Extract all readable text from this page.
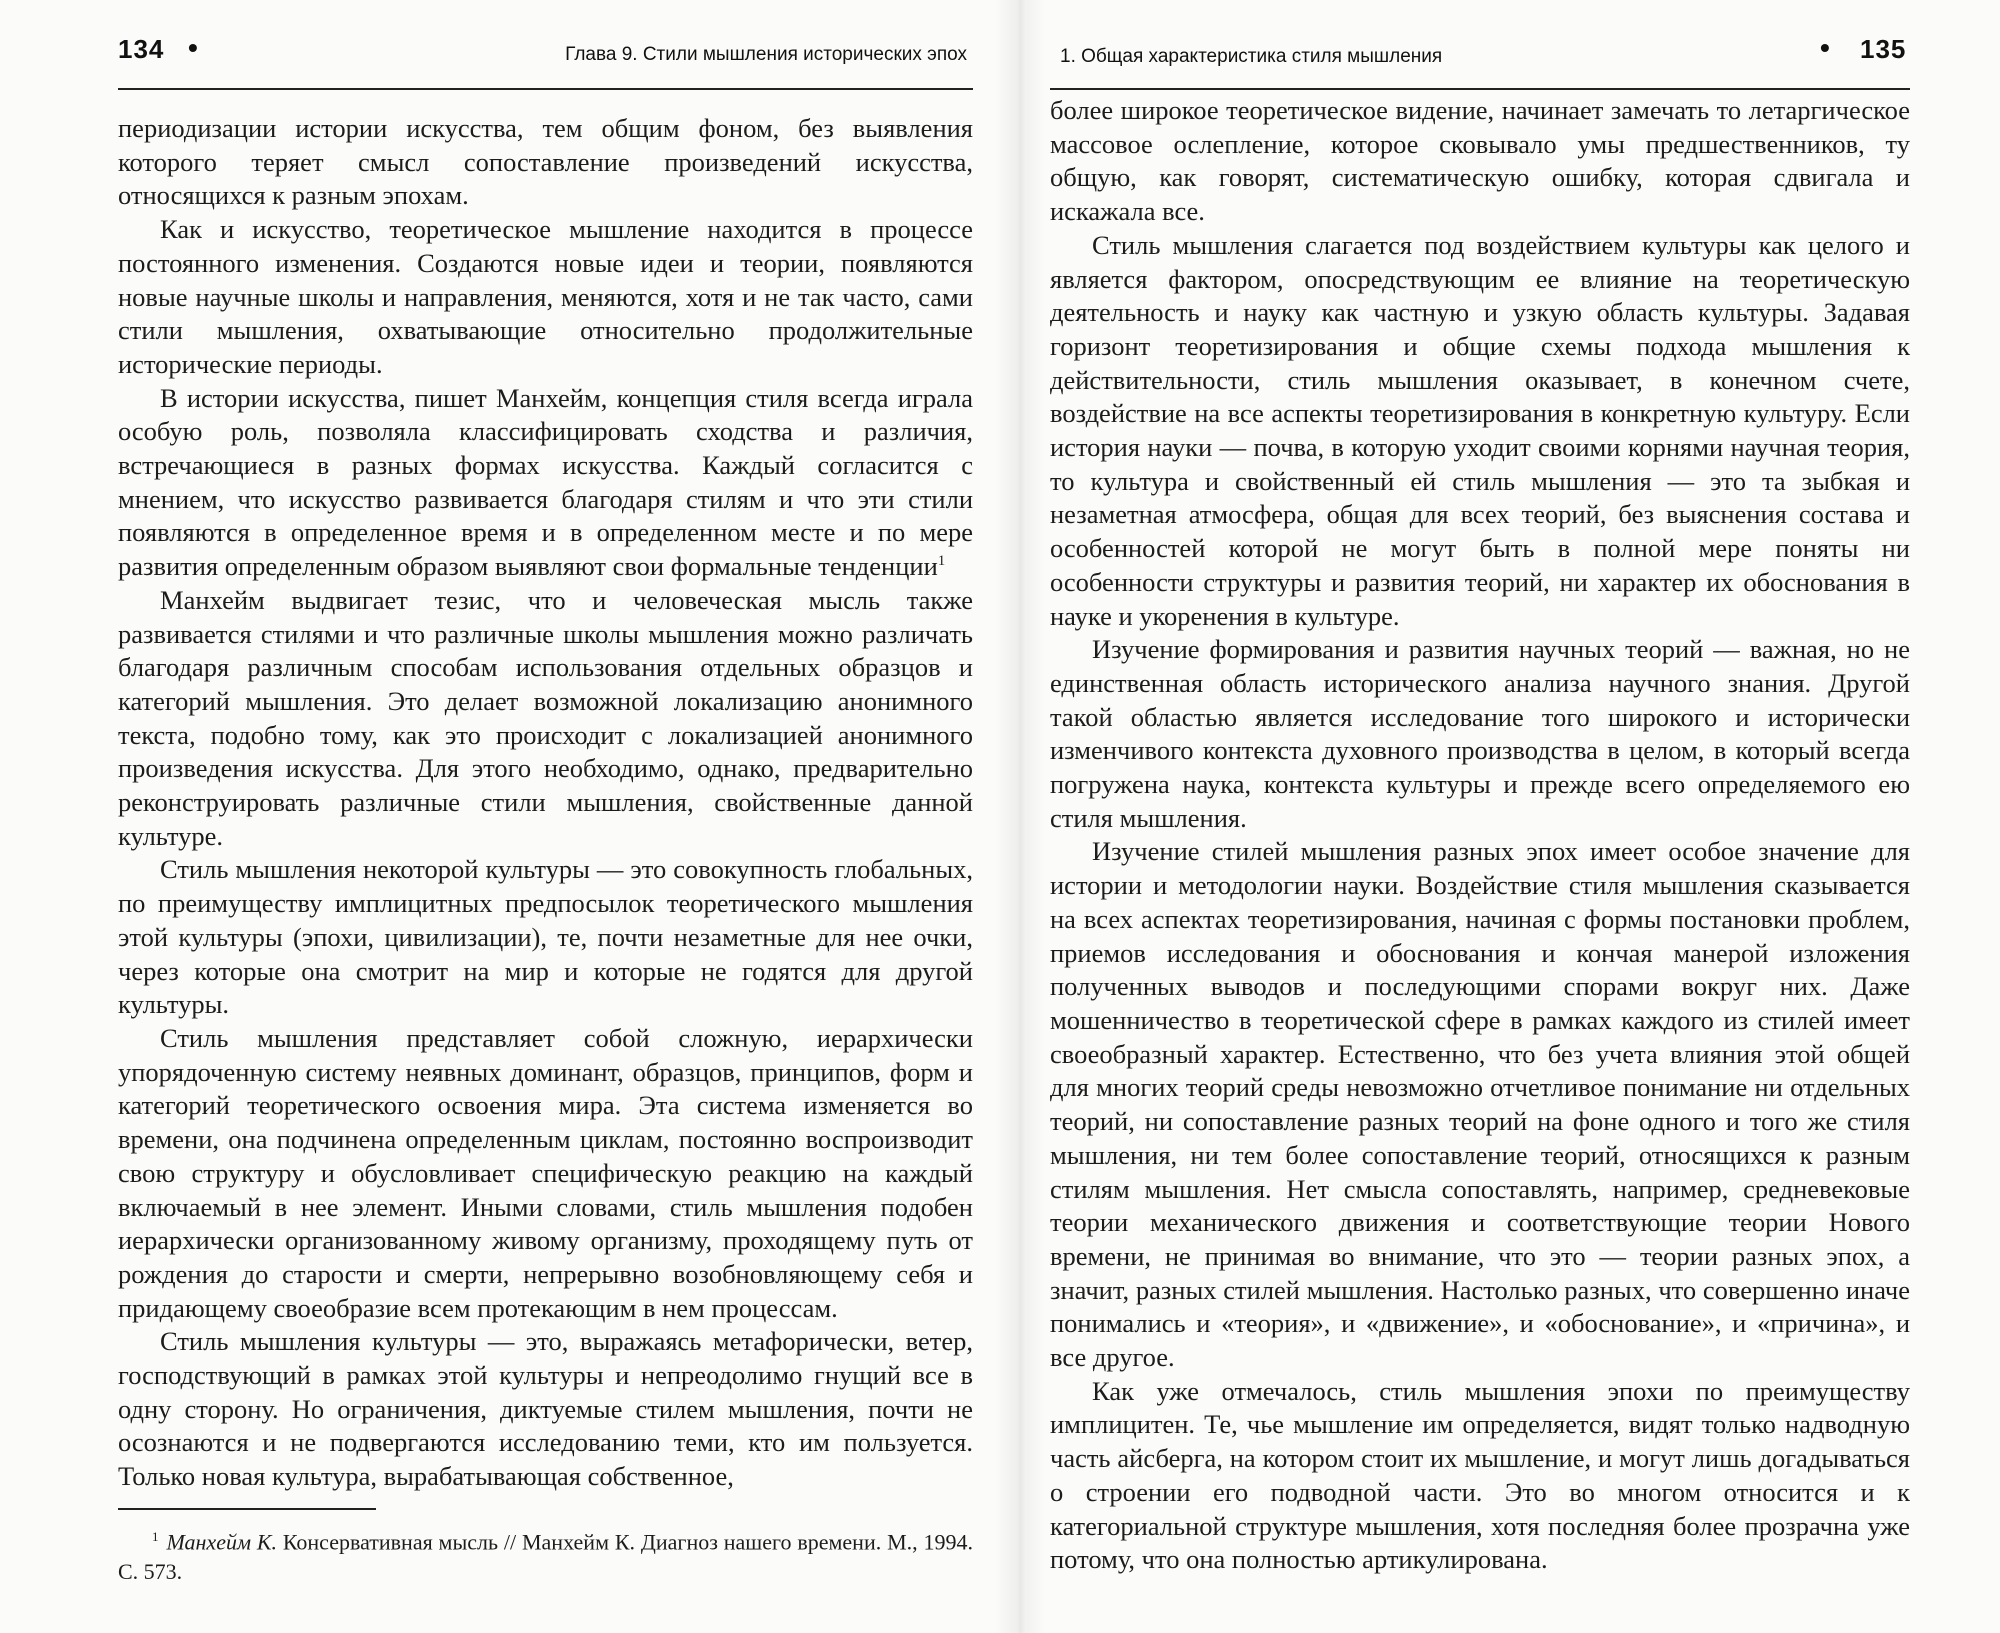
134 •	Глава 9. Стили мышления исторических эпох

периодизации истории искусства, тем общим фоном, без выявления которого теряет смысл сопоставление произведений искусства, относящихся к разным эпохам.

Как и искусство, теоретическое мышление находится в процессе постоянного изменения. Создаются новые идеи и теории, появляются новые научные школы и направления, меняются, хотя и не так часто, сами стили мышления, охватывающие относительно продолжительные исторические периоды.

В истории искусства, пишет Манхейм, концепция стиля всегда играла особую роль, позволяла классифицировать сходства и различия, встречающиеся в разных формах искусства. Каждый согласится с мнением, что искусство развивается благодаря стилям и что эти стили появляются в определенное время и в определенном месте и по мере развития определенным образом выявляют свои формальные тенденции$^1$

Манхейм выдвигает тезис, что и человеческая мысль также развивается стилями и что различные школы мышления можно различать благодаря различным способам использования отдельных образцов и категорий мышления. Это делает возможной локализацию анонимного текста, подобно тому, как это происходит с локализацией анонимного произведения искусства. Для этого необходимо, однако, предварительно реконструировать различные стили мышления, свойственные данной культуре.

Стиль мышления некоторой культуры — это совокупность глобальных, по преимуществу имплицитных предпосылок теоретического мышления этой культуры (эпохи, цивилизации), те, почти незаметные для нее очки, через которые она смотрит на мир и которые не годятся для другой культуры.

Стиль мышления представляет собой сложную, иерархически упорядоченную систему неявных доминант, образцов, принципов, форм и категорий теоретического освоения мира. Эта система изменяется во времени, она подчинена определенным циклам, постоянно воспроизводит свою структуру и обусловливает специфическую реакцию на каждый включаемый в нее элемент. Иными словами, стиль мышления подобен иерархически организованному живому организму, проходящему путь от рождения до старости и смерти, непрерывно возобновляющему себя и придающему своеобразие всем протекающим в нем процессам.

Стиль мышления культуры — это, выражаясь метафорически, ветер, господствующий в рамках этой культуры и непреодолимо гнущий все в одну сторону. Но ограничения, диктуемые стилем мышления, почти не осознаются и не подвергаются исследованию теми, кто им пользуется. Только новая культура, вырабатывающая собственное,

$^1$ Манхейм К. Консервативная мысль // Манхейм К. Диагноз нашего времени. М., 1994. С. 573.
1. Общая характеристика стиля мышления	• 135

более широкое теоретическое видение, начинает замечать то летаргическое массовое ослепление, которое сковывало умы предшественников, ту общую, как говорят, систематическую ошибку, которая сдвигала и искажала все.

Стиль мышления слагается под воздействием культуры как целого и является фактором, опосредствующим ее влияние на теоретическую деятельность и науку как частную и узкую область культуры. Задавая горизонт теоретизирования и общие схемы подхода мышления к действительности, стиль мышления оказывает, в конечном счете, воздействие на все аспекты теоретизирования в конкретную культуру. Если история науки — почва, в которую уходит своими корнями научная теория, то культура и свойственный ей стиль мышления — это та зыбкая и незаметная атмосфера, общая для всех теорий, без выяснения состава и особенностей которой не могут быть в полной мере поняты ни особенности структуры и развития теорий, ни характер их обоснования в науке и укоренения в культуре.

Изучение формирования и развития научных теорий — важная, но не единственная область исторического анализа научного знания. Другой такой областью является исследование того широкого и исторически изменчивого контекста духовного производства в целом, в который всегда погружена наука, контекста культуры и прежде всего определяемого ею стиля мышления.

Изучение стилей мышления разных эпох имеет особое значение для истории и методологии науки. Воздействие стиля мышления сказывается на всех аспектах теоретизирования, начиная с формы постановки проблем, приемов исследования и обоснования и кончая манерой изложения полученных выводов и последующими спорами вокруг них. Даже мошенничество в теоретической сфере в рамках каждого из стилей имеет своеобразный характер. Естественно, что без учета влияния этой общей для многих теорий среды невозможно отчетливое понимание ни отдельных теорий, ни сопоставление разных теорий на фоне одного и того же стиля мышления, ни тем более сопоставление теорий, относящихся к разным стилям мышления. Нет смысла сопоставлять, например, средневековые теории механического движения и соответствующие теории Нового времени, не принимая во внимание, что это — теории разных эпох, а значит, разных стилей мышления. Настолько разных, что совершенно иначе понимались и «теория», и «движение», и «обоснование», и «причина», и все другое.

Как уже отмечалось, стиль мышления эпохи по преимуществу имплицитен. Те, чье мышление им определяется, видят только надводную часть айсберга, на котором стоит их мышление, и могут лишь догадываться о строении его подводной части. Это во многом относится и к категориальной структуре мышления, хотя последняя более прозрачна уже потому, что она полностью артикулирована.
